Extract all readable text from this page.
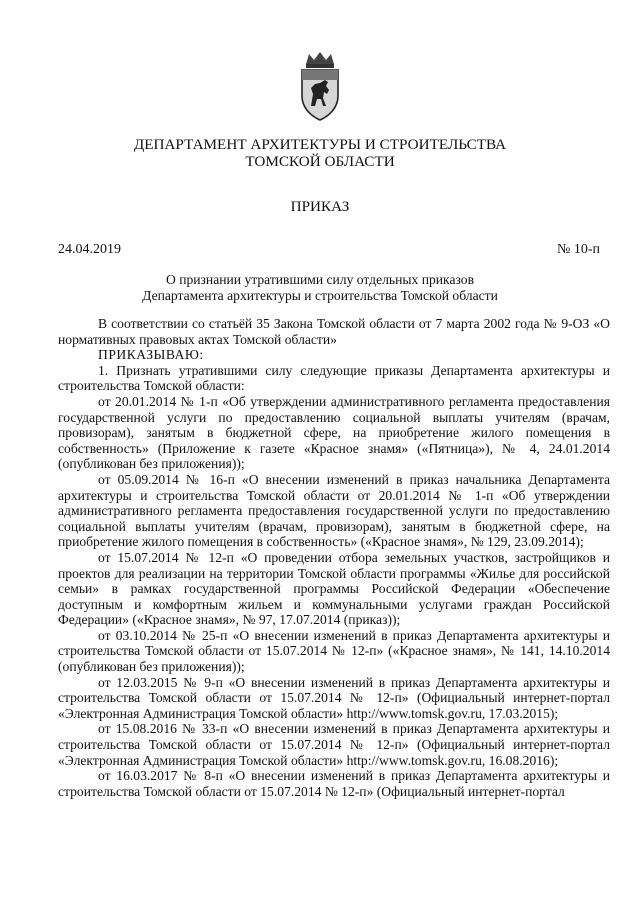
ДЕПАРТАМЕНТ АРХИТЕКТУРЫ И СТРОИТЕЛЬСТВА
ТОМСКОЙ ОБЛАСТИ
ПРИКАЗ
24.04.2019	№ 10-п
О признании утратившими силу отдельных приказов
Департамента архитектуры и строительства Томской области

В соответствии со статьёй 35 Закона Томской области от 7 марта 2002 года № 9-ОЗ «О нормативных правовых актах Томской области»

ПРИКАЗЫВАЮ:

1. Признать утратившими силу следующие приказы Департамента архитектуры и строительства Томской области:

от 20.01.2014 № 1-п «Об утверждении административного регламента предоставления государственной услуги по предоставлению социальной выплаты учителям (врачам, провизорам), занятым в бюджетной сфере, на приобретение жилого помещения в собственность» (Приложение к газете «Красное знамя» («Пятница»), № 4, 24.01.2014 (опубликован без приложения));

от 05.09.2014 № 16-п «О внесении изменений в приказ начальника Департамента архитектуры и строительства Томской области от 20.01.2014 № 1-п «Об утверждении административного регламента предоставления государственной услуги по предоставлению социальной выплаты учителям (врачам, провизорам), занятым в бюджетной сфере, на приобретение жилого помещения в собственность» («Красное знамя», № 129, 23.09.2014);

от 15.07.2014 № 12-п «О проведении отбора земельных участков, застройщиков и проектов для реализации на территории Томской области программы «Жилье для российской семьи» в рамках государственной программы Российской Федерации «Обеспечение доступным и комфортным жильем и коммунальными услугами граждан Российской Федерации» («Красное знамя», № 97, 17.07.2014 (приказ));

от 03.10.2014 № 25-п «О внесении изменений в приказ Департамента архитектуры и строительства Томской области от 15.07.2014 № 12-п» («Красное знамя», № 141, 14.10.2014 (опубликован без приложения));

от 12.03.2015 № 9-п «О внесении изменений в приказ Департамента архитектуры и строительства Томской области от 15.07.2014 № 12-п» (Официальный интернет-портал «Электронная Администрация Томской области» http://www.tomsk.gov.ru, 17.03.2015);

от 15.08.2016 № 33-п «О внесении изменений в приказ Департамента архитектуры и строительства Томской области от 15.07.2014 № 12-п» (Официальный интернет-портал «Электронная Администрация Томской области» http://www.tomsk.gov.ru, 16.08.2016);

от 16.03.2017 № 8-п «О внесении изменений в приказ Департамента архитектуры и строительства Томской области от 15.07.2014 № 12-п» (Официальный интернет-портал
